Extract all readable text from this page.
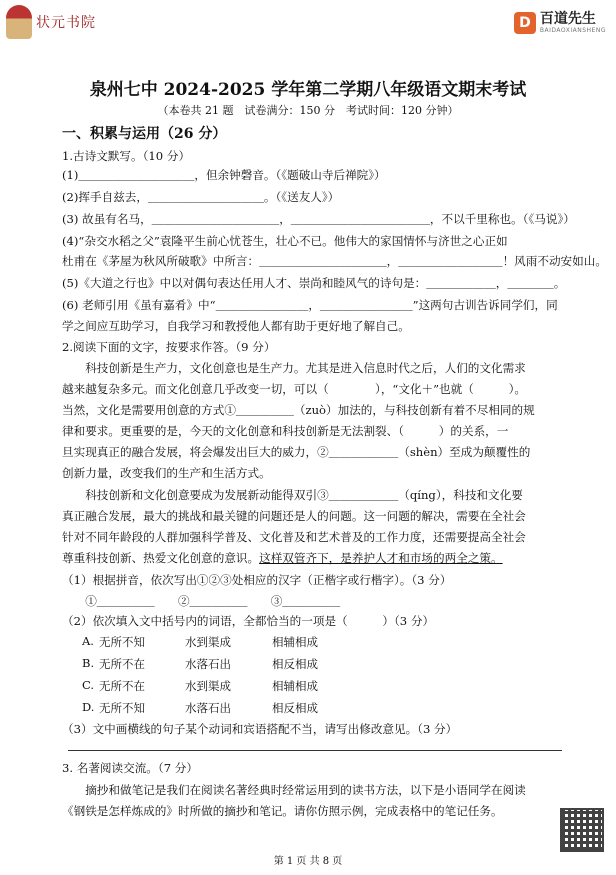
状元书院	D 百道先生
BAIDAOXIANSHENG
泉州七中 2024-2025 学年第二学期八年级语文期末考试
（本卷共 21 题　试卷满分：150 分　考试时间：120 分钟）
一、积累与运用（26 分）
1.古诗文默写。（10 分）
(1)＿＿＿＿＿＿＿＿＿＿，但余钟磬音。（《题破山寺后禅院》）
(2)挥手自兹去，＿＿＿＿＿＿＿＿＿＿。（《送友人》）
(3) 故虽有名马，＿＿＿＿＿＿＿＿＿＿＿，＿＿＿＿＿＿＿＿＿＿＿＿，不以千里称也。（《马说》）
(4)“杂交水稻之父”袁隆平生前心忧苍生，壮心不已。他伟大的家国情怀与济世之心正如
杜甫在《茅屋为秋风所破歌》中所言：＿＿＿＿＿＿＿＿＿＿＿，＿＿＿＿＿＿＿＿＿！风雨不动安如山。
(5)《大道之行也》中以对偶句表达任用人才、崇尚和睦风气的诗句是：＿＿＿＿＿＿，＿＿＿＿。
(6) 老师引用《虽有嘉肴》中“＿＿＿＿＿＿＿＿，＿＿＿＿＿＿＿＿”这两句古训告诉同学们，同
学之间应互助学习，自我学习和教授他人都有助于更好地了解自己。
2.阅读下面的文字，按要求作答。（9 分）
　　科技创新是生产力，文化创意也是生产力。尤其是进入信息时代之后，人们的文化需求
越来越复杂多元。而文化创意几乎改变一切，可以（　　　　），“文化＋”也就（　　　）。
当然，文化是需要用创意的方式①＿＿＿＿＿（zuò）加法的，与科技创新有着不尽相同的规
律和要求。更重要的是，今天的文化创意和科技创新是无法割裂、（　　　）的关系，一
旦实现真正的融合发展，将会爆发出巨大的威力，②＿＿＿＿＿＿（shèn）至成为颠覆性的
创新力量，改变我们的生产和生活方式。
　　科技创新和文化创意要成为发展新动能得双引③＿＿＿＿＿＿（qíng），科技和文化要
真正融合发展，最大的挑战和最关键的问题还是人的问题。这一问题的解决，需要在全社会
针对不同年龄段的人群加强科学普及、文化普及和艺术普及的工作力度，还需要提高全社会
尊重科技创新、热爱文化创意的意识。这样双管齐下，是养护人才和市场的两全之策。
（1）根据拼音，依次写出①②③处相应的汉字（正楷字或行楷字）。（3 分）
　　①＿＿＿＿＿　　②＿＿＿＿＿　　③＿＿＿＿＿
（2）依次填入文中括号内的词语，全都恰当的一项是（　　　）（3 分）
A. 无所不知	水到渠成	相辅相成
B. 无所不在	水落石出	相反相成
C. 无所不在	水到渠成	相辅相成
D. 无所不知	水落石出	相反相成
（3）文中画横线的句子某个动词和宾语搭配不当，请写出修改意见。（3 分）
3. 名著阅读交流。（7 分）
　　摘抄和做笔记是我们在阅读名著经典时经常运用到的读书方法，以下是小语同学在阅读
《钢铁是怎样炼成的》时所做的摘抄和笔记。请你仿照示例，完成表格中的笔记任务。
第 1 页 共 8 页
